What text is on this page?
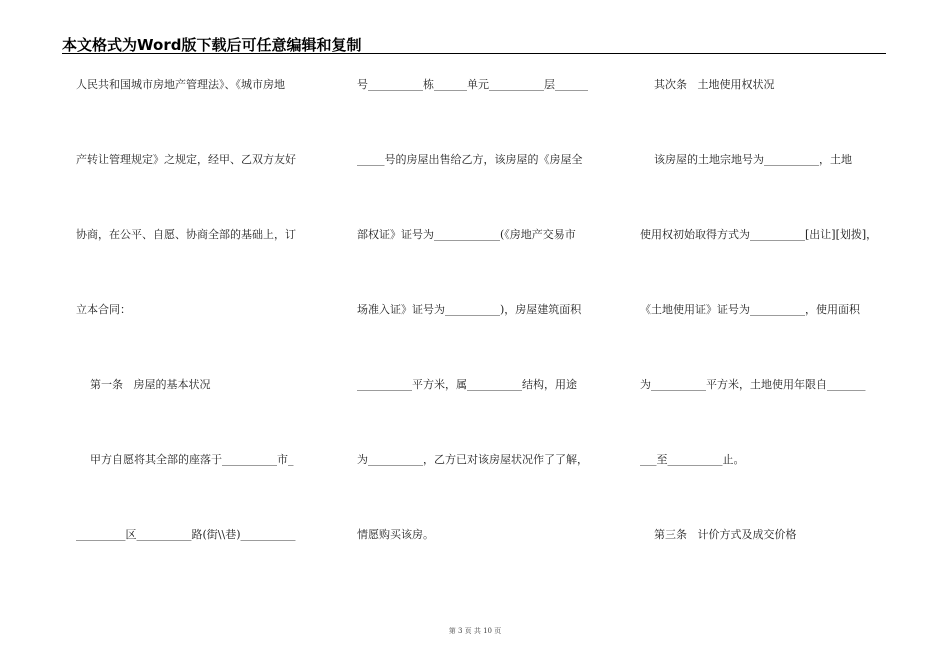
本文格式为Word版下载后可任意编辑和复制
人民共和国城市房地产管理法》、《城市房地
产转让管理规定》之规定，经甲、乙双方友好
协商，在公平、自愿、协商全部的基础上，订
立本合同：
第一条   房屋的基本状况
甲方自愿将其全部的座落于__________市_
_________区__________路(街\\巷)__________
号__________栋______单元__________层______
_____号的房屋出售给乙方，该房屋的《房屋全
部权证》证号为____________(《房地产交易市
场准入证》证号为__________)，房屋建筑面积
__________平方米，属__________结构，用途
为__________，乙方已对该房屋状况作了了解，
情愿购买该房。
其次条   土地使用权状况
该房屋的土地宗地号为__________，土地
使用权初始取得方式为__________[出让][划拨]，
《土地使用证》证号为__________，使用面积
为__________平方米，土地使用年限自_______
___至__________止。
第三条   计价方式及成交价格
第 3 页 共 10 页
